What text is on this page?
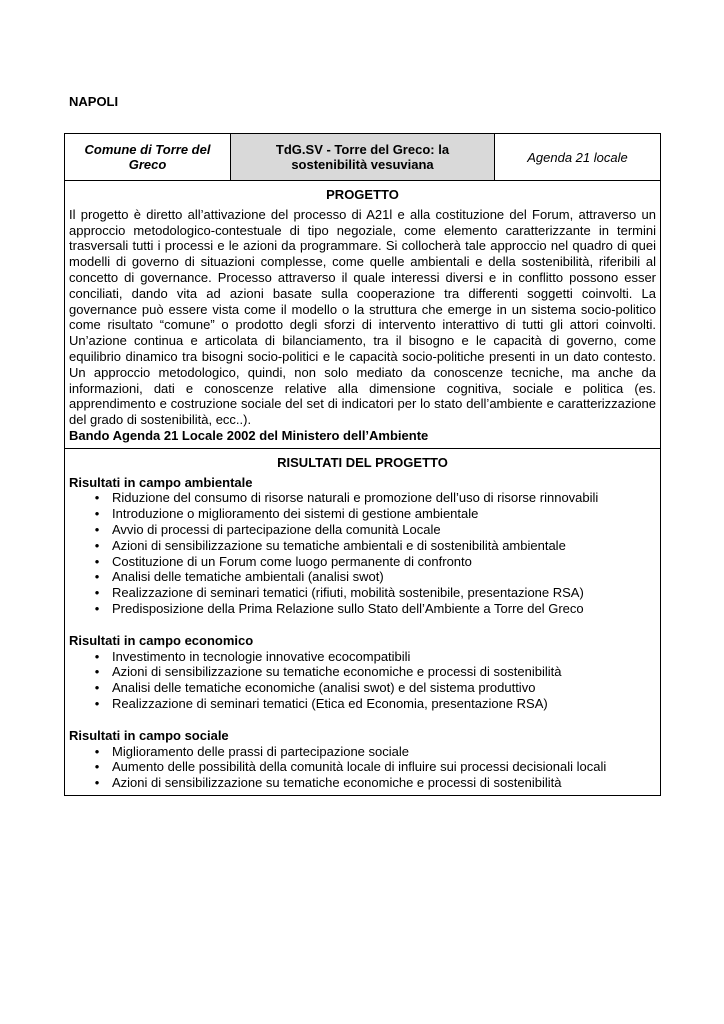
NAPOLI
Comune di Torre del Greco
TdG.SV - Torre del Greco: la sostenibilità vesuviana	Agenda 21 locale
PROGETTO

Il progetto è diretto all’attivazione del processo di A21l e alla costituzione del Forum, attraverso un approccio metodologico-contestuale di tipo negoziale, come elemento caratterizzante in termini trasversali tutti i processi e le azioni da programmare. Si collocherà tale approccio nel quadro di quei modelli di governo di situazioni complesse, come quelle ambientali e della sostenibilità, riferibili al concetto di governance. Processo attraverso il quale interessi diversi e in conflitto possono esser conciliati, dando vita ad azioni basate sulla cooperazione tra differenti soggetti coinvolti. La governance può essere vista come il modello o la struttura che emerge in un sistema socio-politico come risultato “comune” o prodotto degli sforzi di intervento interattivo di tutti gli attori coinvolti. Un’azione continua e articolata di bilanciamento, tra il bisogno e le capacità di governo, come equilibrio dinamico tra bisogni socio-politici e le capacità socio-politiche presenti in un dato contesto. Un approccio metodologico, quindi, non solo mediato da conoscenze tecniche, ma anche da informazioni, dati e conoscenze relative alla dimensione cognitiva, sociale e politica (es. apprendimento e costruzione sociale del set di indicatori per lo stato dell’ambiente e caratterizzazione del grado di sostenibilità, ecc..).

Bando Agenda 21 Locale 2002 del Ministero dell’Ambiente

RISULTATI DEL PROGETTO

Risultati in campo ambientale

• Riduzione del consumo di risorse naturali e promozione dell’uso di risorse rinnovabili
• Introduzione o miglioramento dei sistemi di gestione ambientale
• Avvio di processi di partecipazione della comunità Locale
• Azioni di sensibilizzazione su tematiche ambientali e di sostenibilità ambientale
• Costituzione di un Forum come luogo permanente di confronto
• Analisi delle tematiche ambientali (analisi swot)
• Realizzazione di seminari tematici (rifiuti, mobilità sostenibile, presentazione RSA)
• Predisposizione della Prima Relazione sullo Stato dell’Ambiente a Torre del Greco

Risultati in campo economico

• Investimento in tecnologie innovative ecocompatibili
• Azioni di sensibilizzazione su tematiche economiche e processi di sostenibilità
• Analisi delle tematiche economiche (analisi swot) e del sistema produttivo
• Realizzazione di seminari tematici (Etica ed Economia, presentazione RSA)

Risultati in campo sociale

• Miglioramento delle prassi di partecipazione sociale
• Aumento delle possibilità della comunità locale di influire sui processi decisionali locali
• Azioni di sensibilizzazione su tematiche economiche e processi di sostenibilità
